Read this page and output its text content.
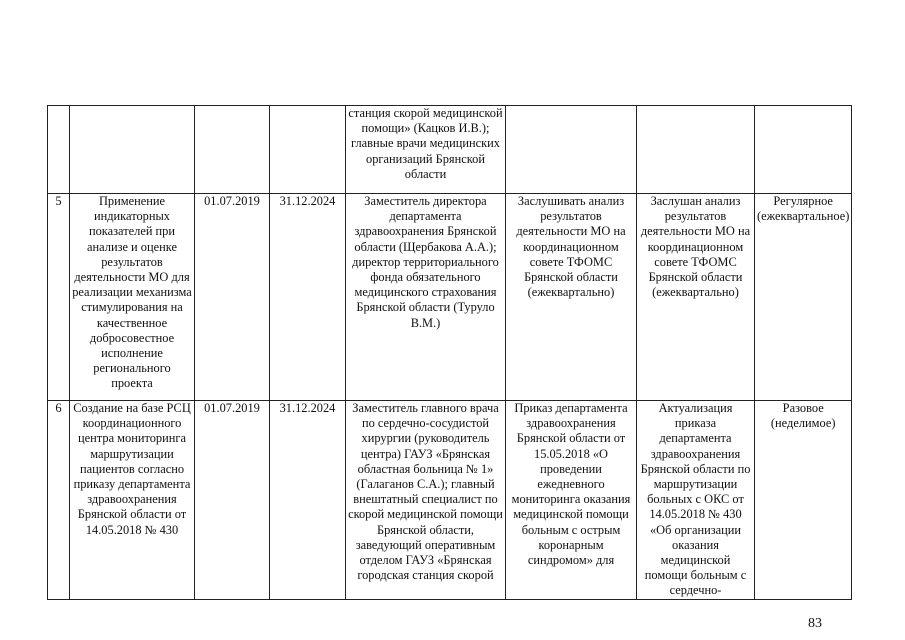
				станция скорой медицинской помощи» (Кацков И.В.); главные врачи медицинских организаций Брянской области			
5	Применение индикаторных показателей при анализе и оценке результатов деятельности МО для реализации механизма стимулирования на качественное добросовестное исполнение регионального проекта	01.07.2019	31.12.2024	Заместитель директора департамента здравоохранения Брянской области (Щербакова А.А.); директор территориального фонда обязательного медицинского страхования Брянской области (Туруло В.М.)	Заслушивать анализ результатов деятельности МО на координационном совете ТФОМС Брянской области (ежеквартально)	Заслушан анализ результатов деятельности МО на координационном совете ТФОМС Брянской области (ежеквартально)	Регулярное (ежеквартальное)
6	Создание на базе РСЦ координационного центра мониторинга маршрутизации пациентов согласно приказу департамента здравоохранения Брянской области от 14.05.2018 № 430	01.07.2019	31.12.2024	Заместитель главного врача по сердечно-сосудистой хирургии (руководитель центра) ГАУЗ «Брянская областная больница № 1» (Галаганов С.А.); главный внештатный специалист по скорой медицинской помощи Брянской области, заведующий оперативным отделом ГАУЗ «Брянская городская станция скорой	Приказ департамента здравоохранения Брянской области от 15.05.2018 «О проведении ежедневного мониторинга оказания медицинской помощи больным с острым коронарным синдромом» для	Актуализация приказа департамента здравоохранения Брянской области по маршрутизации больных с ОКС от 14.05.2018 № 430 «Об организации оказания медицинской помощи больным с сердечно-	Разовое (неделимое)
83
